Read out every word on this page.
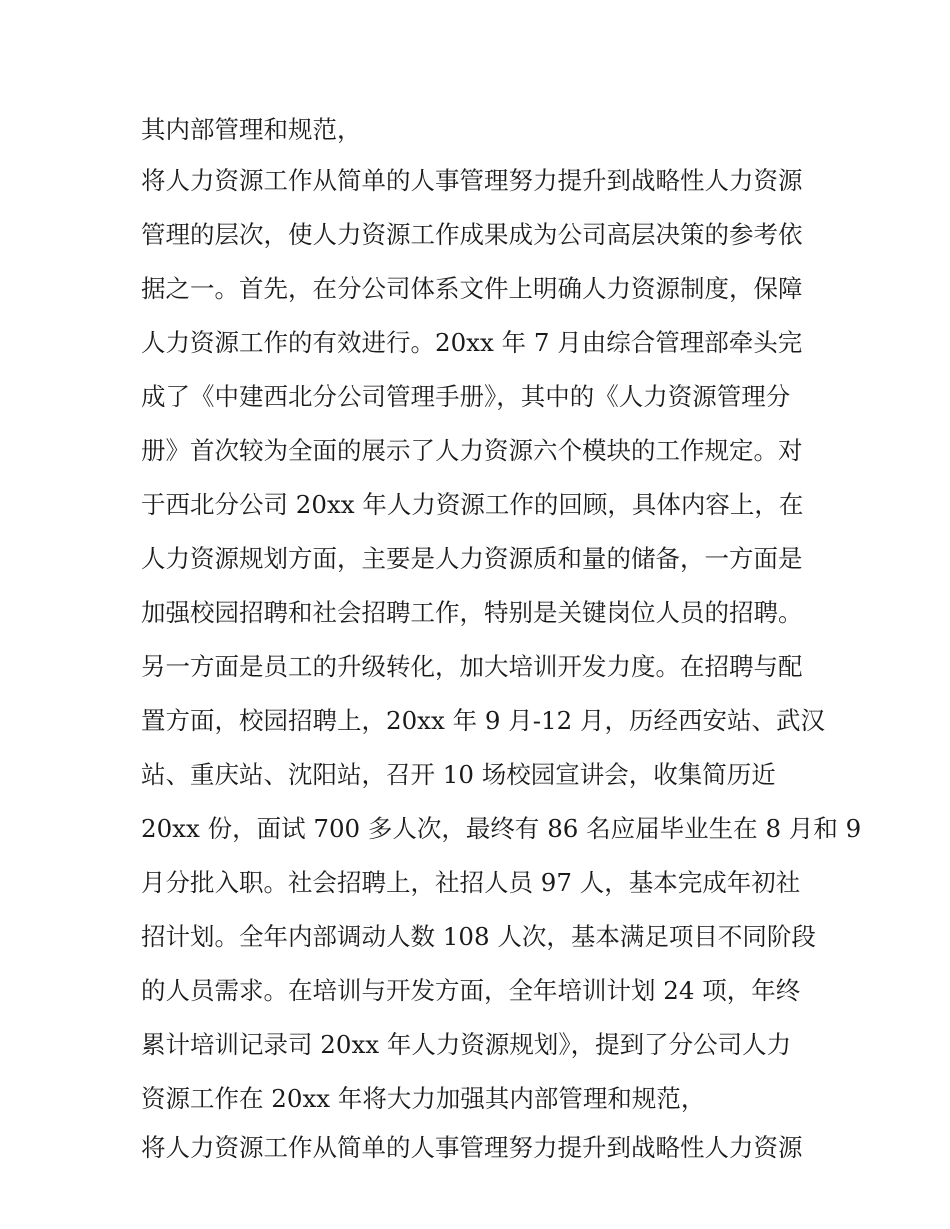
其内部管理和规范，
将人力资源工作从简单的人事管理努力提升到战略性人力资源
管理的层次，使人力资源工作成果成为公司高层决策的参考依
据之一。首先，在分公司体系文件上明确人力资源制度，保障
人力资源工作的有效进行。20xx 年 7 月由综合管理部牵头完
成了《中建西北分公司管理手册》，其中的《人力资源管理分
册》首次较为全面的展示了人力资源六个模块的工作规定。对
于西北分公司 20xx 年人力资源工作的回顾，具体内容上，在
人力资源规划方面，主要是人力资源质和量的储备，一方面是
加强校园招聘和社会招聘工作，特别是关键岗位人员的招聘。
另一方面是员工的升级转化，加大培训开发力度。在招聘与配
置方面，校园招聘上，20xx 年 9 月-12 月，历经西安站、武汉
站、重庆站、沈阳站，召开 10 场校园宣讲会，收集简历近
20xx 份，面试 700 多人次，最终有 86 名应届毕业生在 8 月和 9
月分批入职。社会招聘上，社招人员 97 人，基本完成年初社
招计划。全年内部调动人数 108 人次，基本满足项目不同阶段
的人员需求。在培训与开发方面，全年培训计划 24 项，年终
累计培训记录司 20xx 年人力资源规划》，提到了分公司人力
资源工作在 20xx 年将大力加强其内部管理和规范，
将人力资源工作从简单的人事管理努力提升到战略性人力资源
